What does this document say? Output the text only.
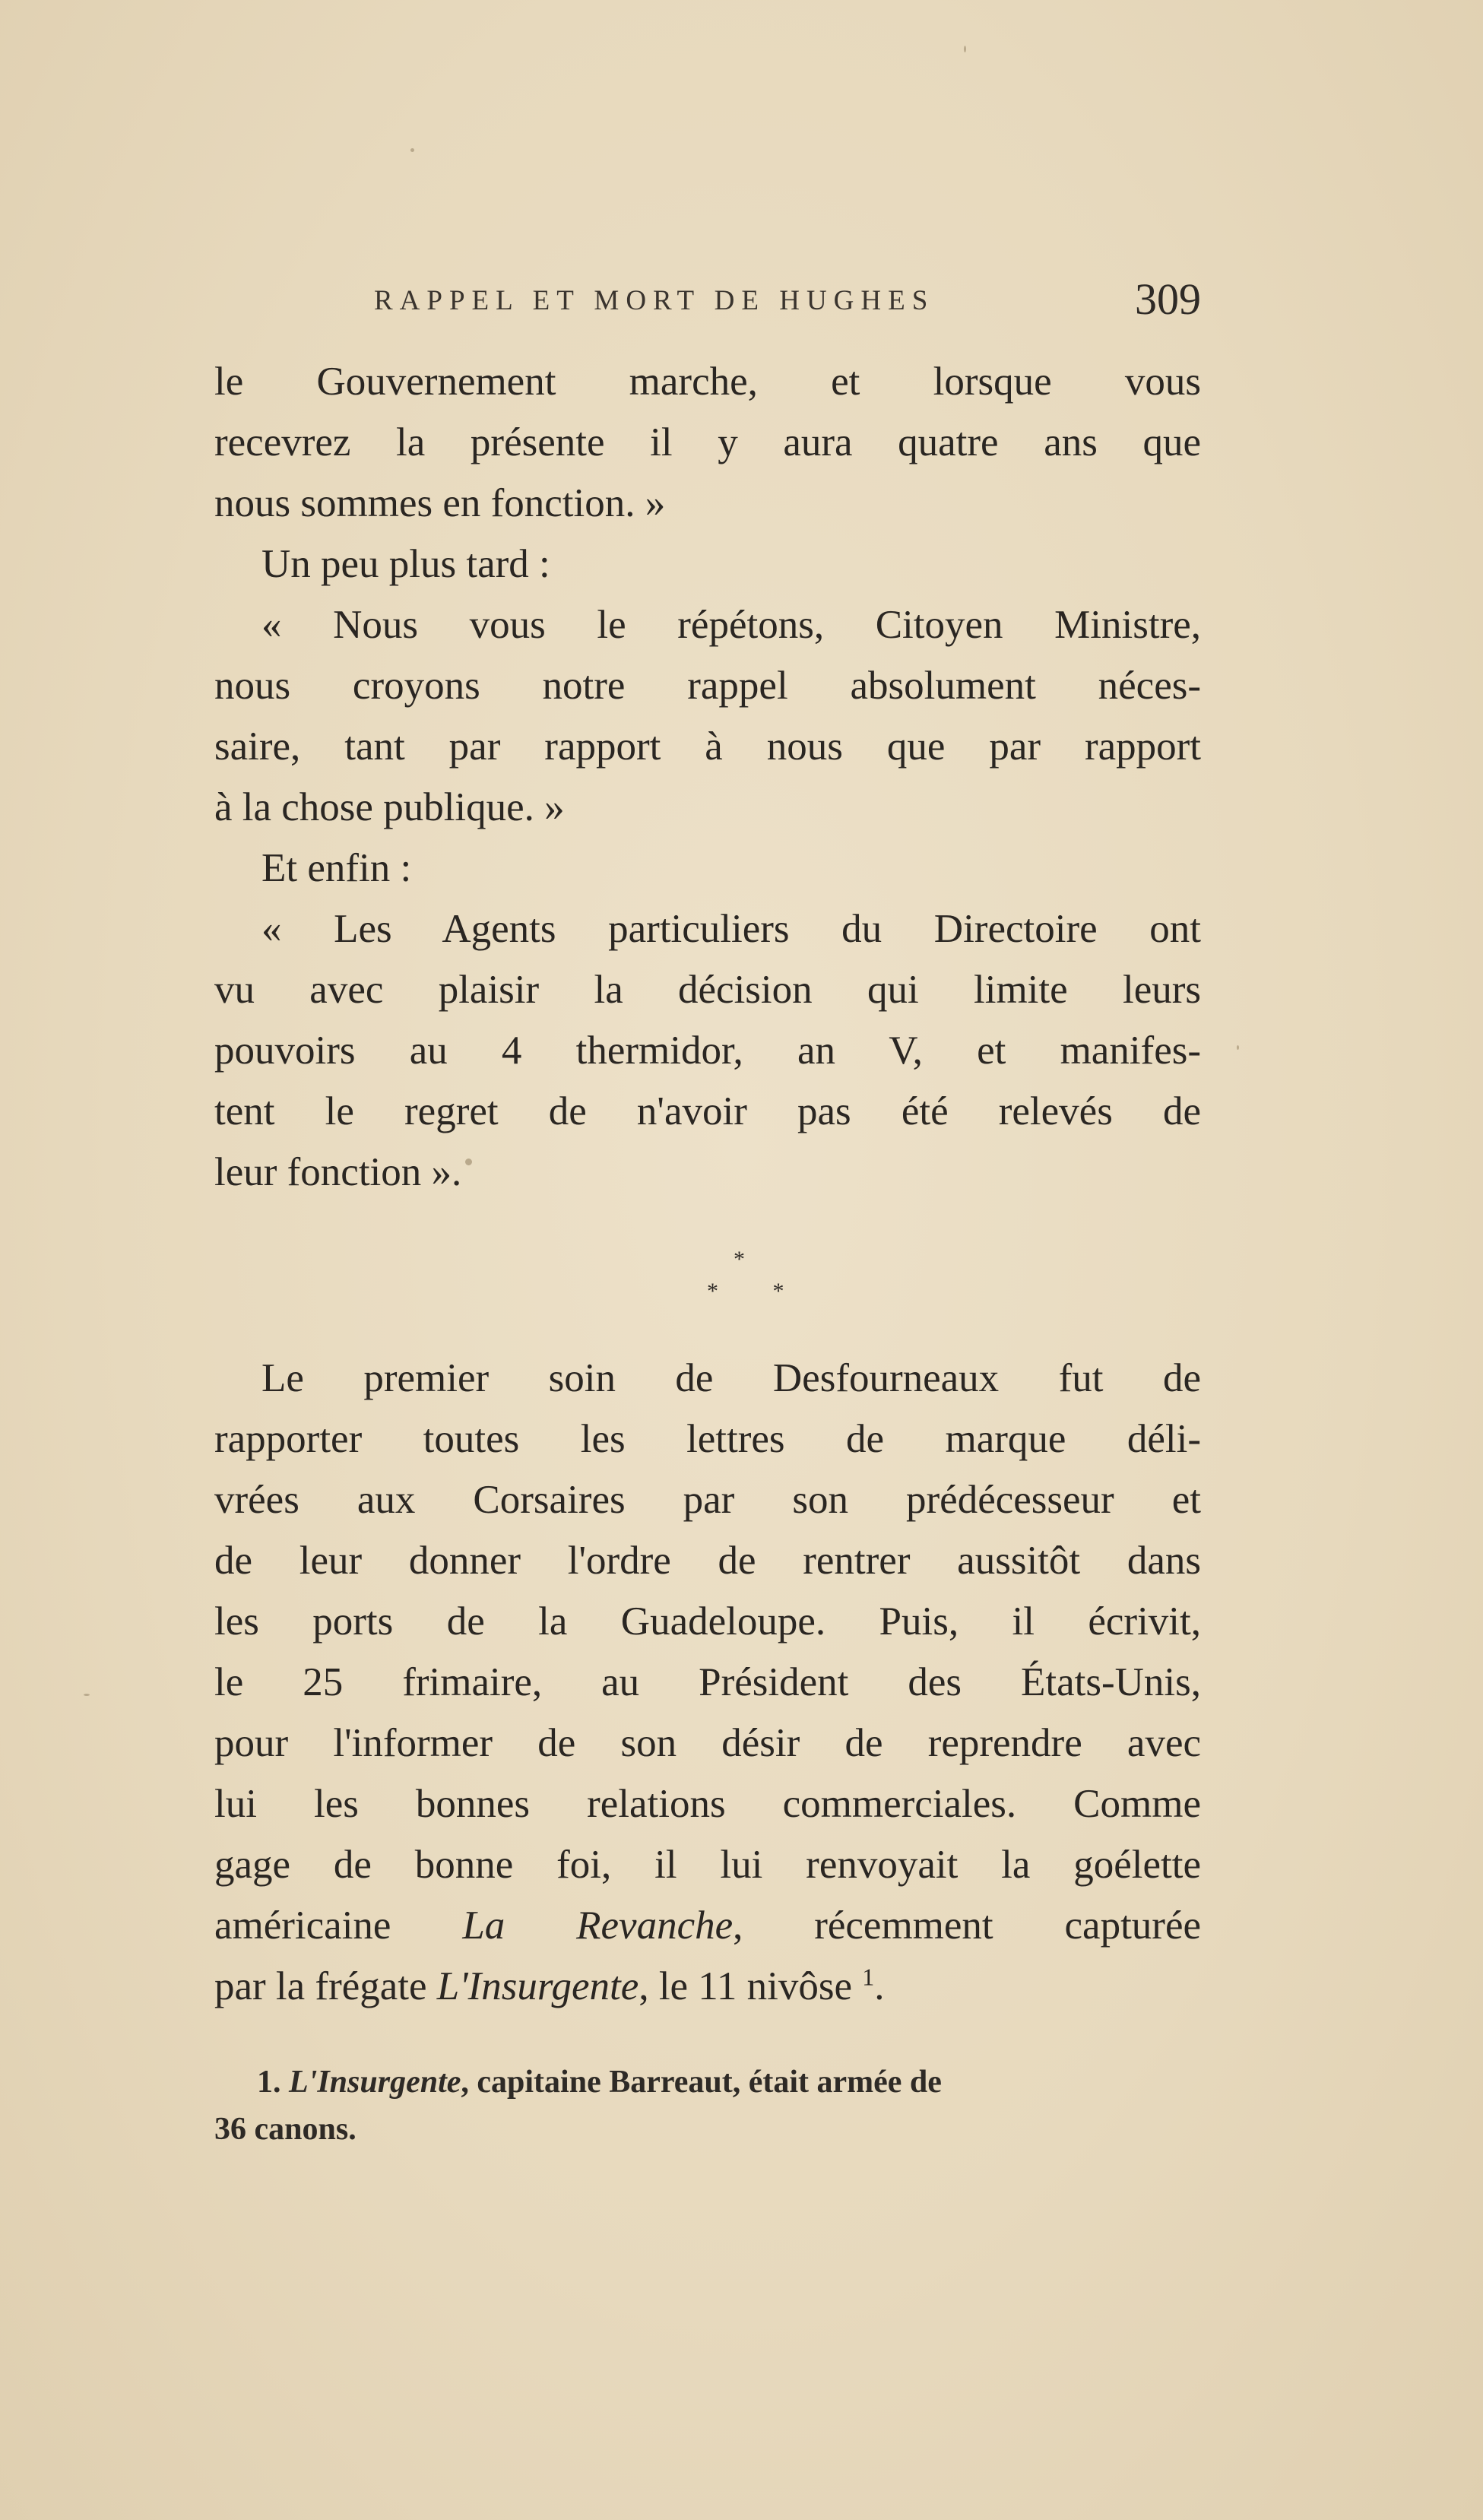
RAPPEL ET MORT DE HUGHES	309
le Gouvernement marche, et lorsque vous
recevrez la présente il y aura quatre ans que
nous sommes en fonction. »
Un peu plus tard :
« Nous vous le répétons, Citoyen Ministre,
nous croyons notre rappel absolument néces-
saire, tant par rapport à nous que par rapport
à la chose publique. »
Et enfin :
« Les Agents particuliers du Directoire ont
vu avec plaisir la décision qui limite leurs
pouvoirs au 4 thermidor, an V, et manifes-
tent le regret de n'avoir pas été relevés de
leur fonction ».
*
* *
Le premier soin de Desfourneaux fut de
rapporter toutes les lettres de marque déli-
vrées aux Corsaires par son prédécesseur et
de leur donner l'ordre de rentrer aussitôt dans
les ports de la Guadeloupe. Puis, il écrivit,
le 25 frimaire, au Président des États-Unis,
pour l'informer de son désir de reprendre avec
lui les bonnes relations commerciales. Comme
gage de bonne foi, il lui renvoyait la goélette
américaine La Revanche, récemment capturée
par la frégate L'Insurgente, le 11 nivôse $^1$.
1. L'Insurgente, capitaine Barreaut, était armée de
36 canons.
